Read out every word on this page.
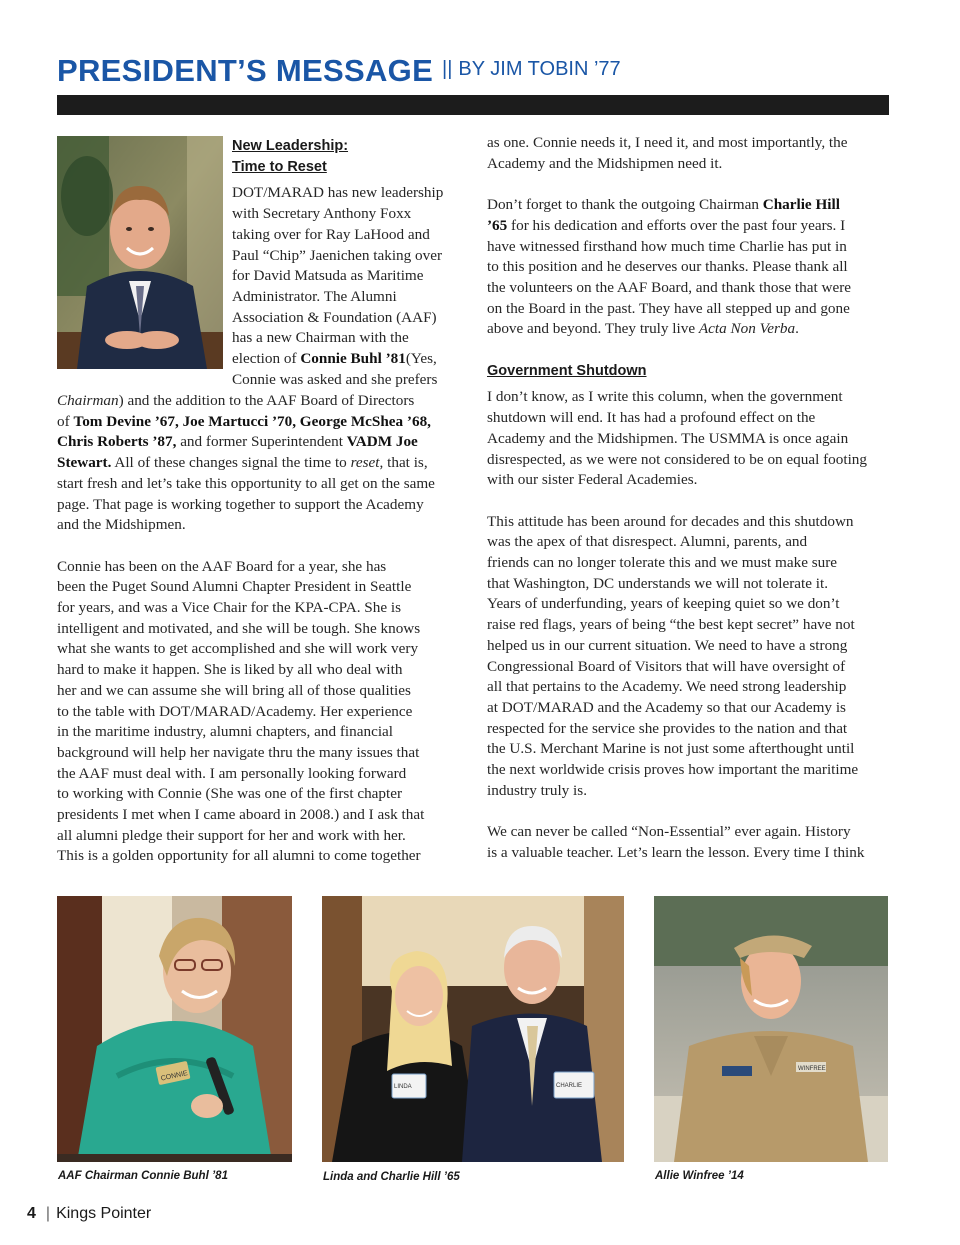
PRESIDENT’S MESSAGE || BY JIM TOBIN ’77
New Leadership:
Time to Reset

DOT/MARAD has new leadership

with Secretary Anthony Foxx

taking over for Ray LaHood and

Paul “Chip” Jaenichen taking over

for David Matsuda as Maritime

Administrator. The Alumni

Association & Foundation (AAF)

has a new Chairman with the

election of Connie Buhl ’81(Yes,

Connie was asked and she prefers

Chairman) and the addition to the AAF Board of Directors

of Tom Devine ’67, Joe Martucci ’70, George McShea ’68,

Chris Roberts ’87, and former Superintendent VADM Joe

Stewart. All of these changes signal the time to reset, that is,

start fresh and let’s take this opportunity to all get on the same

page. That page is working together to support the Academy

and the Midshipmen.

Connie has been on the AAF Board for a year, she has

been the Puget Sound Alumni Chapter President in Seattle

for years, and was a Vice Chair for the KPA-CPA. She is

intelligent and motivated, and she will be tough. She knows

what she wants to get accomplished and she will work very

hard to make it happen. She is liked by all who deal with

her and we can assume she will bring all of those qualities

to the table with DOT/MARAD/Academy. Her experience

in the maritime industry, alumni chapters, and financial

background will help her navigate thru the many issues that

the AAF must deal with. I am personally looking forward

to working with Connie (She was one of the first chapter

presidents I met when I came aboard in 2008.) and I ask that

all alumni pledge their support for her and work with her.

This is a golden opportunity for all alumni to come together

as one. Connie needs it, I need it, and most importantly, the

Academy and the Midshipmen need it.

Don’t forget to thank the outgoing Chairman Charlie Hill

’65 for his dedication and efforts over the past four years. I

have witnessed firsthand how much time Charlie has put in

to this position and he deserves our thanks. Please thank all

the volunteers on the AAF Board, and thank those that were

on the Board in the past. They have all stepped up and gone

above and beyond. They truly live Acta Non Verba.

Government Shutdown

I don’t know, as I write this column, when the government

shutdown will end. It has had a profound effect on the

Academy and the Midshipmen. The USMMA is once again

disrespected, as we were not considered to be on equal footing

with our sister Federal Academies.

This attitude has been around for decades and this shutdown

was the apex of that disrespect. Alumni, parents, and

friends can no longer tolerate this and we must make sure

that Washington, DC understands we will not tolerate it.

Years of underfunding, years of keeping quiet so we don’t

raise red flags, years of being “the best kept secret” have not

helped us in our current situation. We need to have a strong

Congressional Board of Visitors that will have oversight of

all that pertains to the Academy. We need strong leadership

at DOT/MARAD and the Academy so that our Academy is

respected for the service she provides to the nation and that

the U.S. Merchant Marine is not just some afterthought until

the next worldwide crisis proves how important the maritime

industry truly is.

We can never be called “Non-Essential” ever again. History

is a valuable teacher. Let’s learn the lesson. Every time I think

CONNIE
AAF Chairman Connie Buhl ’81
LINDA	CHARLIE
Linda and Charlie Hill ’65
WINFREE
Allie Winfree ’14
4 | Kings Pointer
